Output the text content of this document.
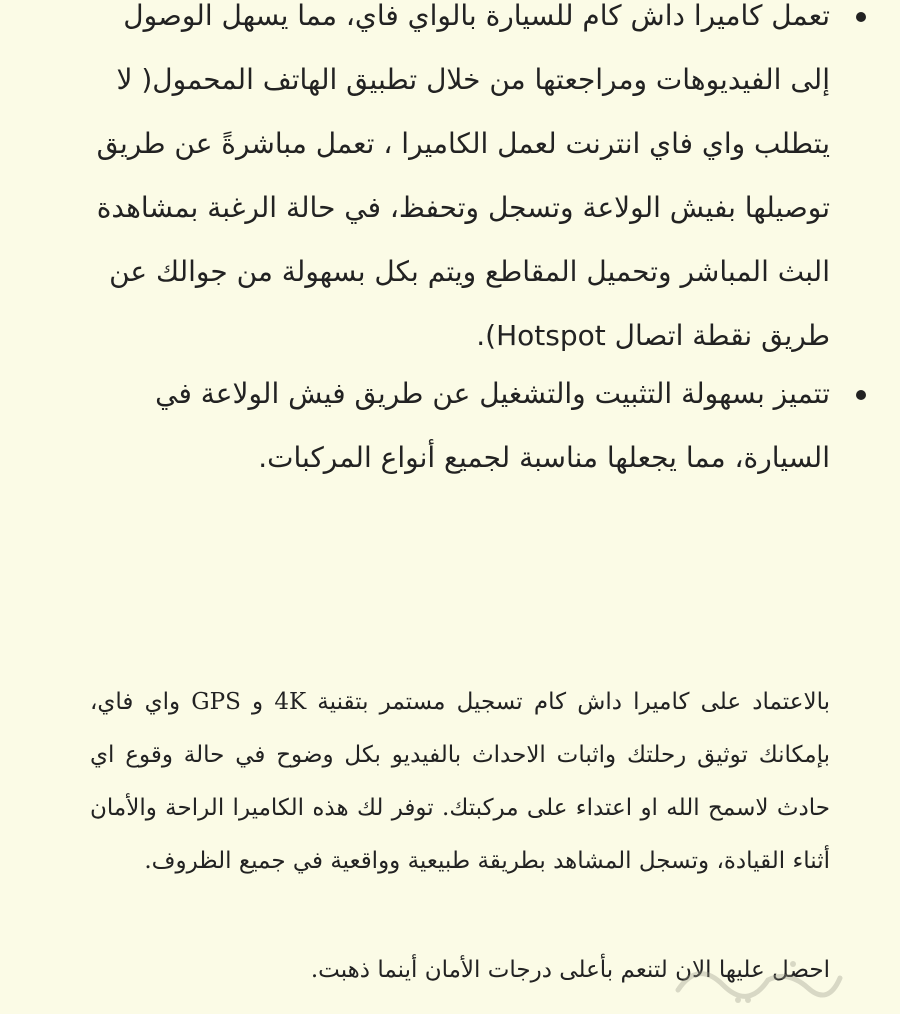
تعمل كاميرا داش كام للسيارة بالواي فاي، مما يسهل الوصول إلى الفيديوهات ومراجعتها من خلال تطبيق الهاتف المحمول( لا يتطلب واي فاي انترنت لعمل الكاميرا ، تعمل مباشرةً عن طريق توصيلها بفيش الولاعة وتسجل وتحفظ، في حالة الرغبة بمشاهدة البث المباشر وتحميل المقاطع ويتم بكل بسهولة من جوالك عن طريق نقطة اتصال Hotspot).
تتميز بسهولة التثبيت والتشغيل عن طريق فيش الولاعة في السيارة، مما يجعلها مناسبة لجميع أنواع المركبات.

بالاعتماد على كاميرا داش كام تسجيل مستمر بتقنية 4K و GPS واي فاي، بإمكانك توثيق رحلتك واثبات الاحداث بالفيديو بكل وضوح في حالة وقوع اي حادث لاسمح الله او اعتداء على مركبتك. توفر لك هذه الكاميرا الراحة والأمان أثناء القيادة، وتسجل المشاهد بطريقة طبيعية وواقعية في جميع الظروف.

احصل عليها الان لتنعم بأعلى درجات الأمان أينما ذهبت.
